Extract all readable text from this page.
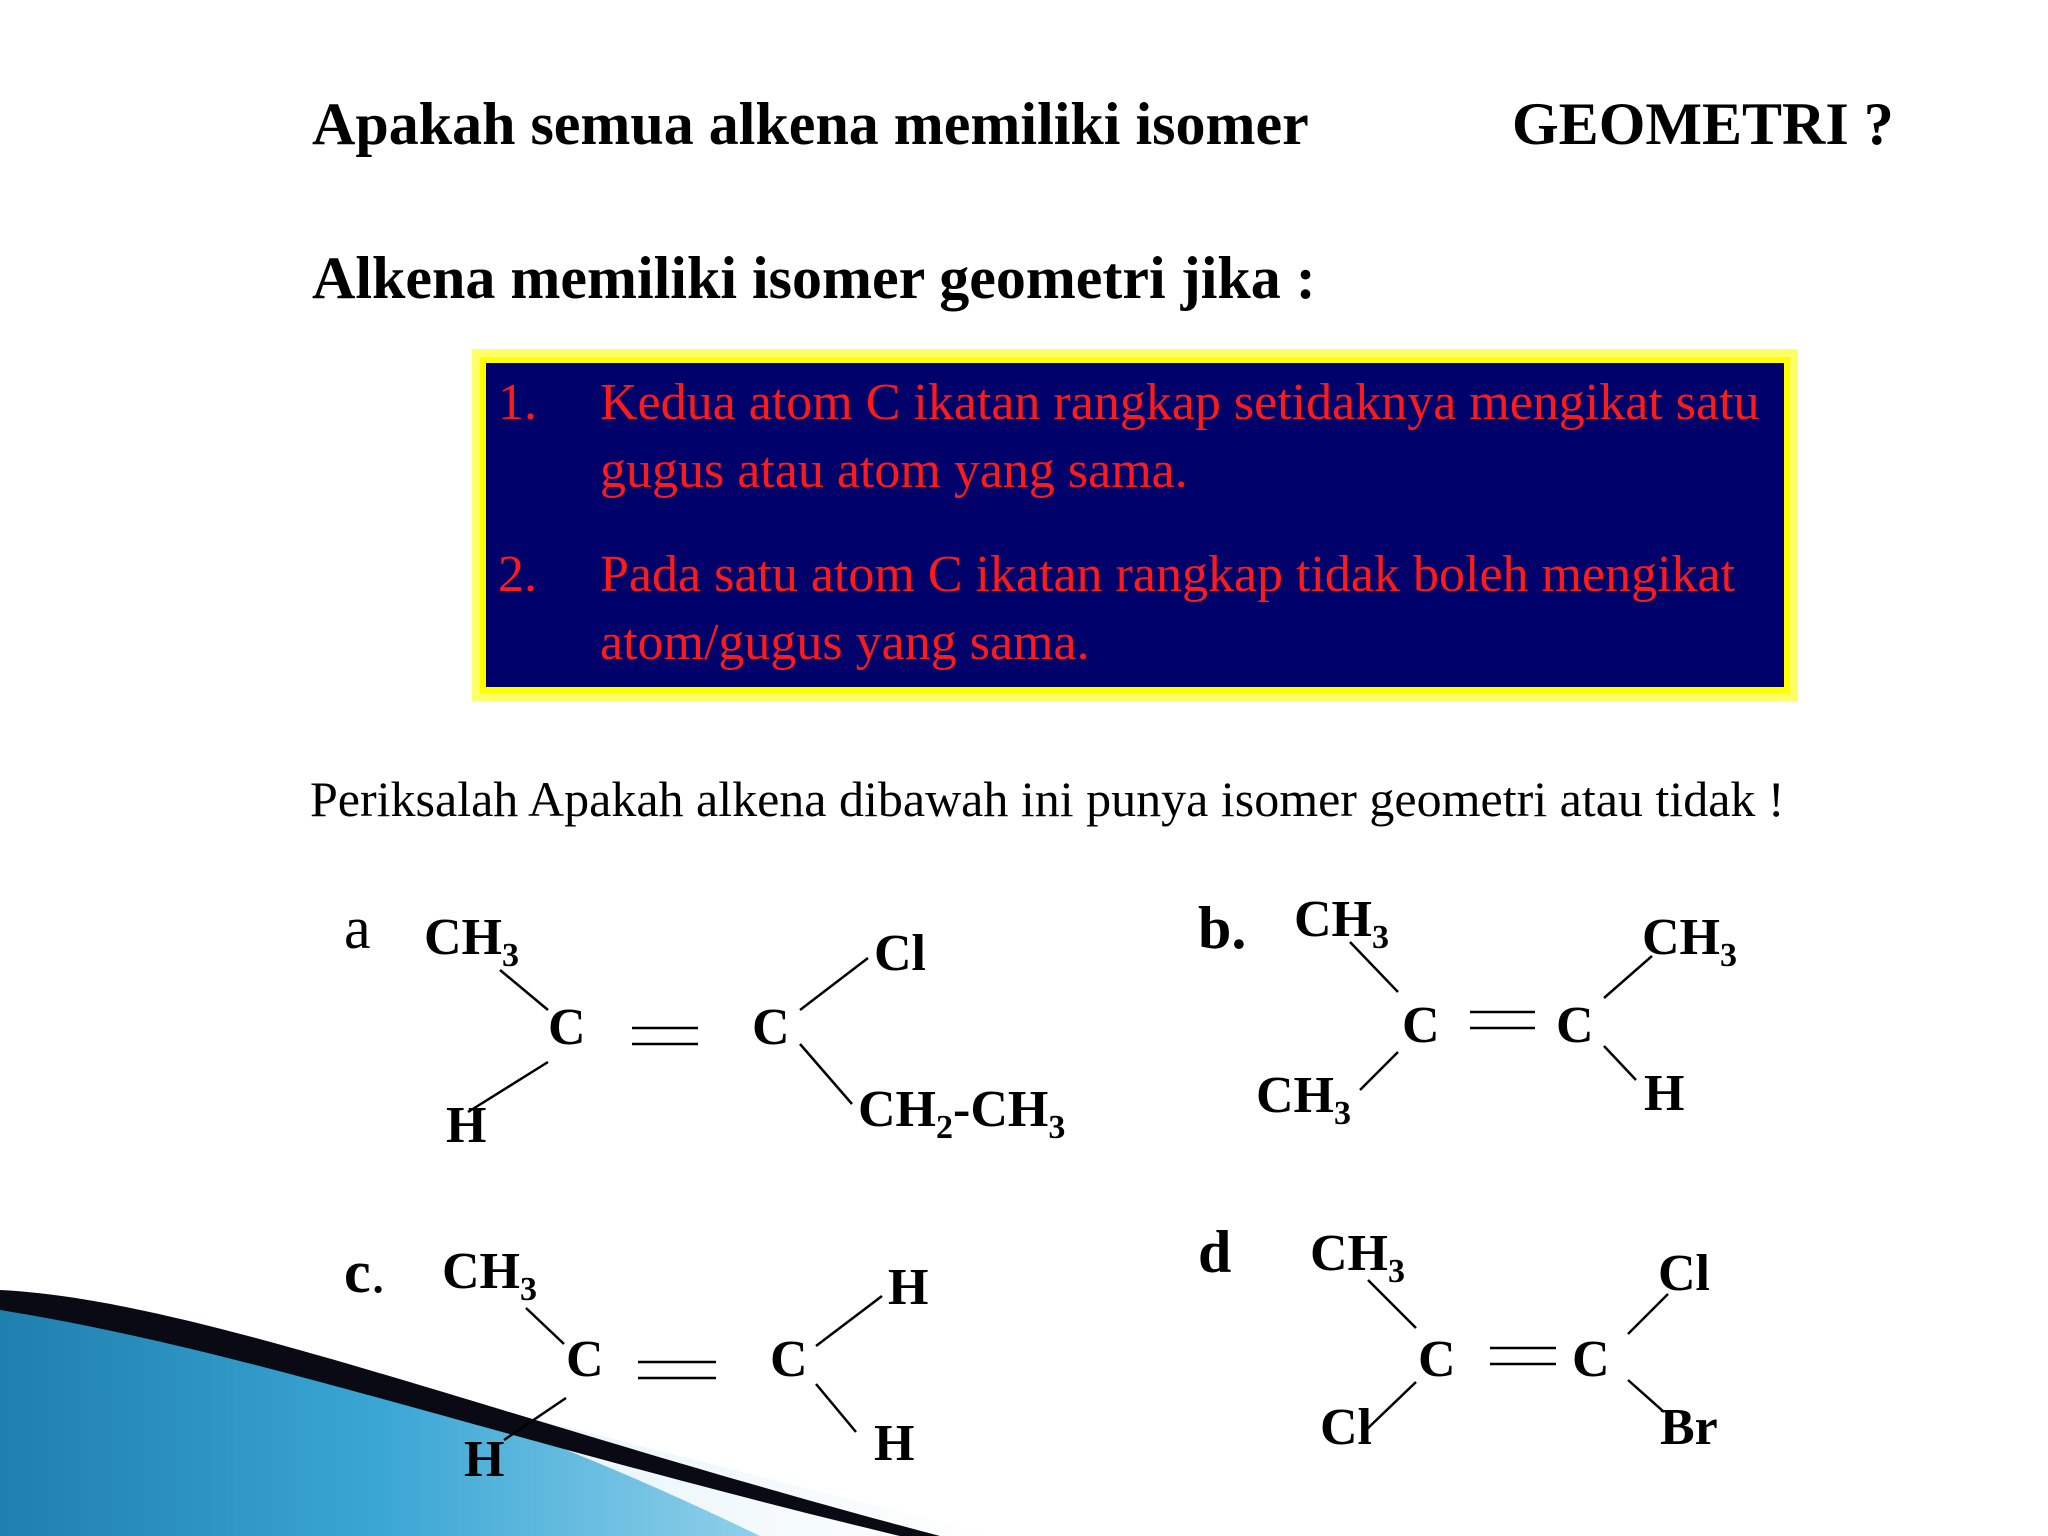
Apakah semua alkena memiliki isomer	GEOMETRI ?
Alkena memiliki isomer geometri jika :
1. Kedua atom C ikatan rangkap setidaknya mengikat satu gugus atau atom yang sama.
2. Pada satu atom C ikatan rangkap tidak boleh mengikat atom/gugus yang sama.
Periksalah Apakah alkena dibawah ini punya isomer geometri atau tidak !
a	b.
c.	d
$CH_3$
C	C
Cl
H	$CH_2-CH_3$
$CH_3$
C C
$CH_3$
$CH_3$	H
$CH_3$
C	C
H
H
H
$CH_3$
C C
Cl
Cl	Br
